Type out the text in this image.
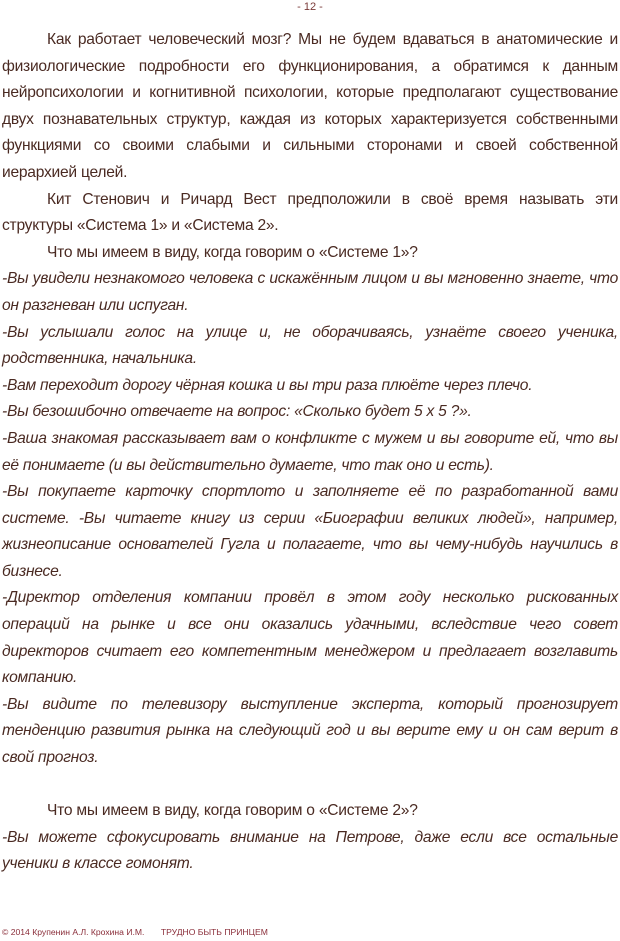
- 12 -

Как работает человеческий мозг? Мы не будем вдаваться в анатомические и физиологические подробности его функционирования, а обратимся к данным нейропсихологии и когнитивной психологии, которые предполагают существование двух познавательных структур, каждая из которых характеризуется собственными функциями со своими слабыми и сильными сторонами и своей собственной иерархией целей.

Кит Стенович и Ричард Вест предположили в своё время называть эти структуры «Система 1» и «Система 2».

Что мы имеем в виду, когда говорим о «Системе 1»?

-Вы увидели незнакомого человека с искажённым лицом и вы мгновенно знаете, что он разгневан или испуган.

-Вы услышали голос на улице и, не оборачиваясь, узнаёте своего ученика, родственника, начальника.

-Вам переходит дорогу чёрная кошка и вы три раза плюёте через плечо.

-Вы безошибочно отвечаете на вопрос: «Сколько будет 5 х 5 ?».

-Ваша знакомая рассказывает вам о конфликте с мужем и вы говорите ей, что вы её понимаете (и вы действительно думаете, что так оно и есть).

-Вы покупаете карточку спортлото и заполняете её по разработанной вами системе. -Вы читаете книгу из серии «Биографии великих людей», например, жизнеописание основателей Гугла и полагаете, что вы чему-нибудь научились в бизнесе.

-Директор отделения компании провёл в этом году несколько рискованных операций на рынке и все они оказались удачными, вследствие чего совет директоров считает его компетентным менеджером и предлагает возглавить компанию.

-Вы видите по телевизору выступление эксперта, который прогнозирует тенденцию развития рынка на следующий год и вы верите ему и он сам верит в свой прогноз.

Что мы имеем в виду, когда говорим о «Системе 2»?

-Вы можете сфокусировать внимание на Петрове, даже если все остальные ученики в классе гомонят.

© 2014 Крупенин А.Л. Крохина И.М. ТРУДНО БЫТЬ ПРИНЦЕМ
